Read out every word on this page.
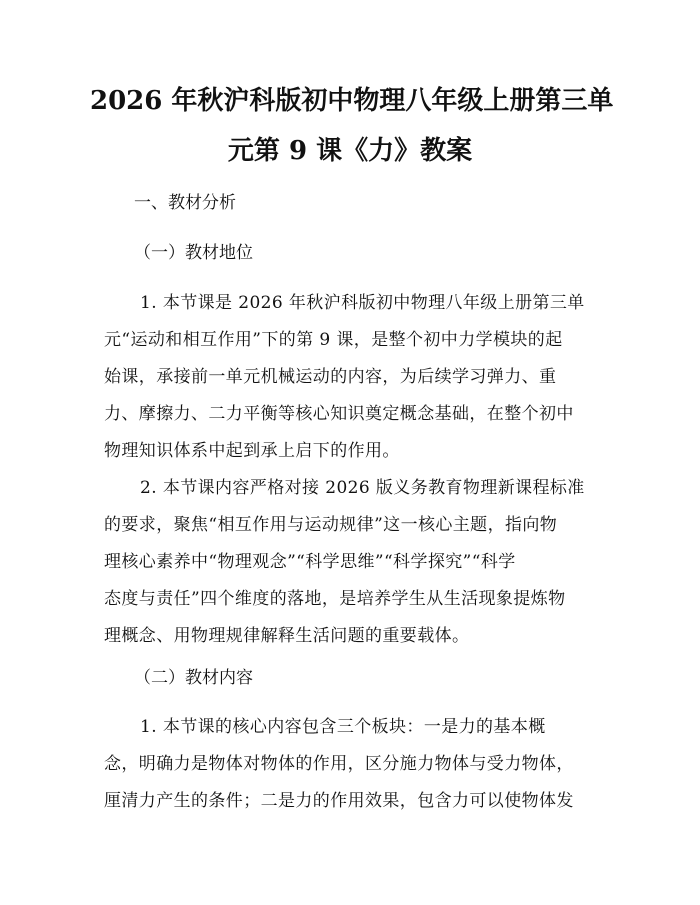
2026 年秋沪科版初中物理八年级上册第三单
元第 9 课《力》教案

一、教材分析

（一）教材地位

1. 本节课是 2026 年秋沪科版初中物理八年级上册第三单
元“运动和相互作用”下的第 9 课，是整个初中力学模块的起
始课，承接前一单元机械运动的内容，为后续学习弹力、重
力、摩擦力、二力平衡等核心知识奠定概念基础，在整个初中
物理知识体系中起到承上启下的作用。
2. 本节课内容严格对接 2026 版义务教育物理新课程标准
的要求，聚焦“相互作用与运动规律”这一核心主题，指向物
理核心素养中“物理观念”“科学思维”“科学探究”“科学
态度与责任”四个维度的落地，是培养学生从生活现象提炼物
理概念、用物理规律解释生活问题的重要载体。

（二）教材内容

1. 本节课的核心内容包含三个板块：一是力的基本概
念，明确力是物体对物体的作用，区分施力物体与受力物体，
厘清力产生的条件；二是力的作用效果，包含力可以使物体发
